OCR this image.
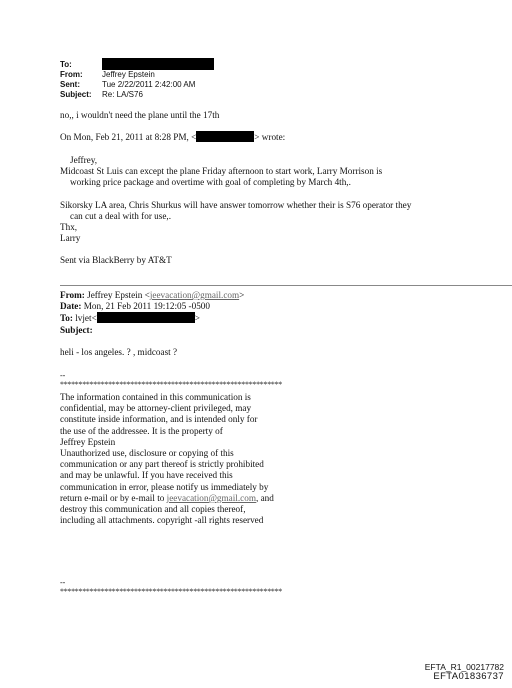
To:
From:	Jeffrey Epstein
Sent:	Tue 2/22/2011 2:42:00 AM
Subject:	Re: LA/S76
no,, i wouldn't need the plane until the 17th
On Mon, Feb 21, 2011 at 8:28 PM, <	> wrote:
Jeffrey,
Midcoast St Luis can except the plane Friday afternoon to start work, Larry Morrison is
working price package and overtime with goal of completing by March 4th,.
Sikorsky LA area, Chris Shurkus will have answer tomorrow whether their is S76 operator they
can cut a deal with for use,.
Thx,
Larry
Sent via BlackBerry by AT&T
From: Jeffrey Epstein <jeevacation@gmail.com>
Date: Mon, 21 Feb 2011 19:12:05 -0500
To: lvjet<	>
Subject:
heli - los angeles. ? , midcoast ?
--
************************************************************
The information contained in this communication is
confidential, may be attorney-client privileged, may
constitute inside information, and is intended only for
the use of the addressee. It is the property of
Jeffrey Epstein
Unauthorized use, disclosure or copying of this
communication or any part thereof is strictly prohibited
and may be unlawful. If you have received this
communication in error, please notify us immediately by
return e-mail or by e-mail to jeevacation@gmail.com, and
destroy this communication and all copies thereof,
including all attachments. copyright -all rights reserved
--
************************************************************
EFTA_R1_00217782
EFTA01836737
